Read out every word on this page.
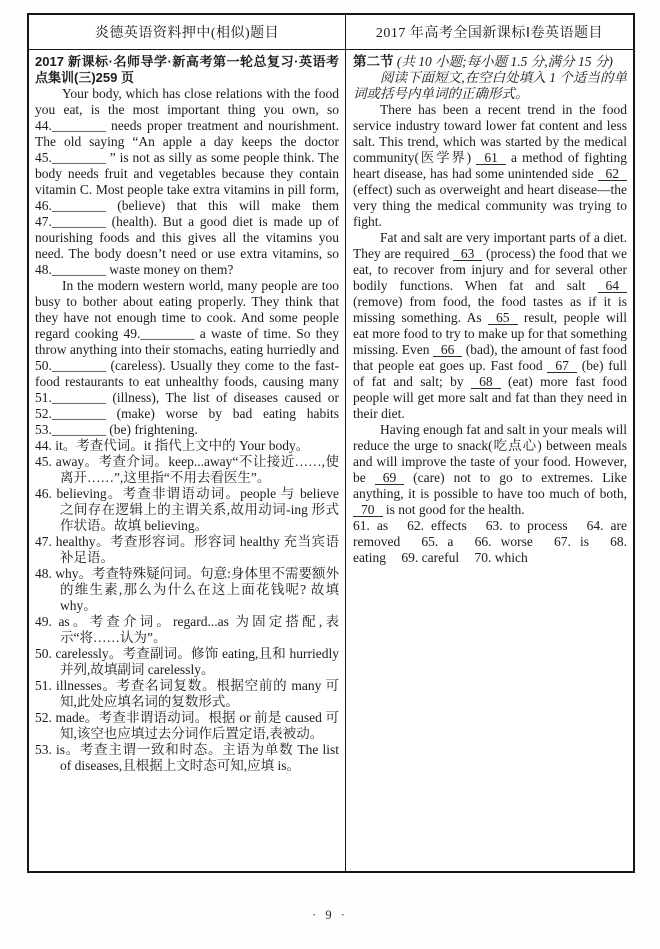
炎德英语资料押中(相似)题目	2017 年高考全国新课标Ⅰ卷英语题目

2017 新课标·名师导学·新高考第一轮总复习·英语考点集训(三)259 页

Your body, which has close relations with the food you eat, is the most important thing you own, so 44.________ needs proper treatment and nourishment. The old saying “An apple a day keeps the doctor 45.________ ” is not as silly as some people think. The body needs fruit and vegetables because they contain vitamin C. Most people take extra vitamins in pill form, 46.________ (believe) that this will make them 47.________ (health). But a good diet is made up of nourishing foods and this gives all the vitamins you need. The body doesn’t need or use extra vitamins, so 48.________ waste money on them?

In the modern western world, many people are too busy to bother about eating properly. They think that they have not enough time to cook. And some people regard cooking 49.________ a waste of time. So they throw anything into their stomachs, eating hurriedly and 50.________ (careless). Usually they come to the fast-food restaurants to eat unhealthy foods, causing many 51.________ (illness), The list of diseases caused or 52.________ (make) worse by bad eating habits 53.________ (be) frightening.

44. it。考查代词。it 指代上文中的 Your body。

45. away。考查介词。keep...away“不让接近……,使离开……”,这里指“不用去看医生”。

46. believing。考查非谓语动词。people 与 believe 之间存在逻辑上的主谓关系,故用动词-ing 形式作状语。故填 believing。

47. healthy。考查形容词。形容词 healthy 充当宾语补足语。

48. why。考查特殊疑问词。句意:身体里不需要额外的维生素,那么为什么在这上面花钱呢? 故填 why。

49. as。考查介词。regard...as 为固定搭配,表示“将……认为”。

50. carelessly。考查副词。修饰 eating,且和 hurriedly 并列,故填副词 carelessly。

51. illnesses。考查名词复数。根据空前的 many 可知,此处应填名词的复数形式。

52. made。考查非谓语动词。根据 or 前是 caused 可知,该空也应填过去分词作后置定语,表被动。

53. is。考查主谓一致和时态。主语为单数 The list of diseases,且根据上文时态可知,应填 is。

第二节 (共 10 小题;每小题 1.5 分,满分 15 分)

阅读下面短文,在空白处填入 1 个适当的单词或括号内单词的正确形式。

There has been a recent trend in the food service industry toward lower fat content and less salt. This trend, which was started by the medical community(医学界) 61 a method of fighting heart disease, has had some unintended side 62 (effect) such as overweight and heart disease—the very thing the medical community was trying to fight.

Fat and salt are very important parts of a diet. They are required 63 (process) the food that we eat, to recover from injury and for several other bodily functions. When fat and salt 64 (remove) from food, the food tastes as if it is missing something. As 65 result, people will eat more food to try to make up for that something missing. Even 66 (bad), the amount of fast food that people eat goes up. Fast food 67 (be) full of fat and salt; by 68 (eat) more fast food people will get more salt and fat than they need in their diet.

Having enough fat and salt in your meals will reduce the urge to snack(吃点心) between meals and will improve the taste of your food. However, be 69 (care) not to go to extremes. Like anything, it is possible to have too much of both, 70 is not good for the health.

61. as 62. effects 63. to process 64. are removed 65. a 66. worse 67. is 68. eating 69. careful 70. which

· 9 ·
